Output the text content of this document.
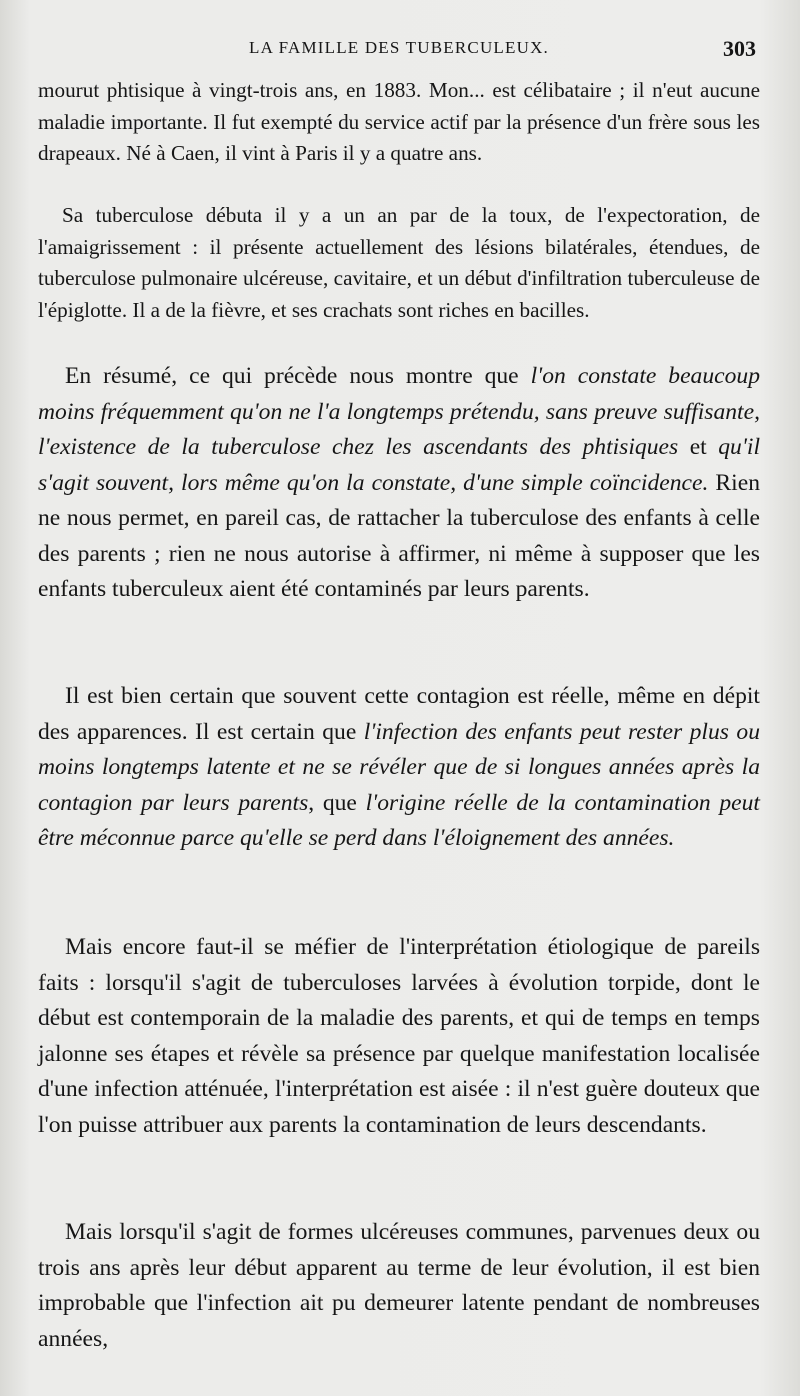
LA FAMILLE DES TUBERCULEUX.	303

mourut phtisique à vingt-trois ans, en 1883. Mon... est célibataire ; il n'eut aucune maladie importante. Il fut exempté du service actif par la présence d'un frère sous les drapeaux. Né à Caen, il vint à Paris il y a quatre ans.

Sa tuberculose débuta il y a un an par de la toux, de l'expectoration, de l'amaigrissement : il présente actuellement des lésions bilatérales, étendues, de tuberculose pulmonaire ulcéreuse, cavitaire, et un début d'infiltration tuberculeuse de l'épiglotte. Il a de la fièvre, et ses crachats sont riches en bacilles.

En résumé, ce qui précède nous montre que l'on constate beaucoup moins fréquemment qu'on ne l'a longtemps prétendu, sans preuve suffisante, l'existence de la tuberculose chez les ascendants des phtisiques et qu'il s'agit souvent, lors même qu'on la constate, d'une simple coïncidence. Rien ne nous permet, en pareil cas, de rattacher la tuberculose des enfants à celle des parents ; rien ne nous autorise à affirmer, ni même à supposer que les enfants tuberculeux aient été contaminés par leurs parents.

Il est bien certain que souvent cette contagion est réelle, même en dépit des apparences. Il est certain que l'infection des enfants peut rester plus ou moins longtemps latente et ne se révéler que de si longues années après la contagion par leurs parents, que l'origine réelle de la contamination peut être méconnue parce qu'elle se perd dans l'éloignement des années.

Mais encore faut-il se méfier de l'interprétation étiologique de pareils faits : lorsqu'il s'agit de tuberculoses larvées à évolution torpide, dont le début est contemporain de la maladie des parents, et qui de temps en temps jalonne ses étapes et révèle sa présence par quelque manifestation localisée d'une infection atténuée, l'interprétation est aisée : il n'est guère douteux que l'on puisse attribuer aux parents la contamination de leurs descendants.

Mais lorsqu'il s'agit de formes ulcéreuses communes, parvenues deux ou trois ans après leur début apparent au terme de leur évolution, il est bien improbable que l'infection ait pu demeurer latente pendant de nombreuses années,
